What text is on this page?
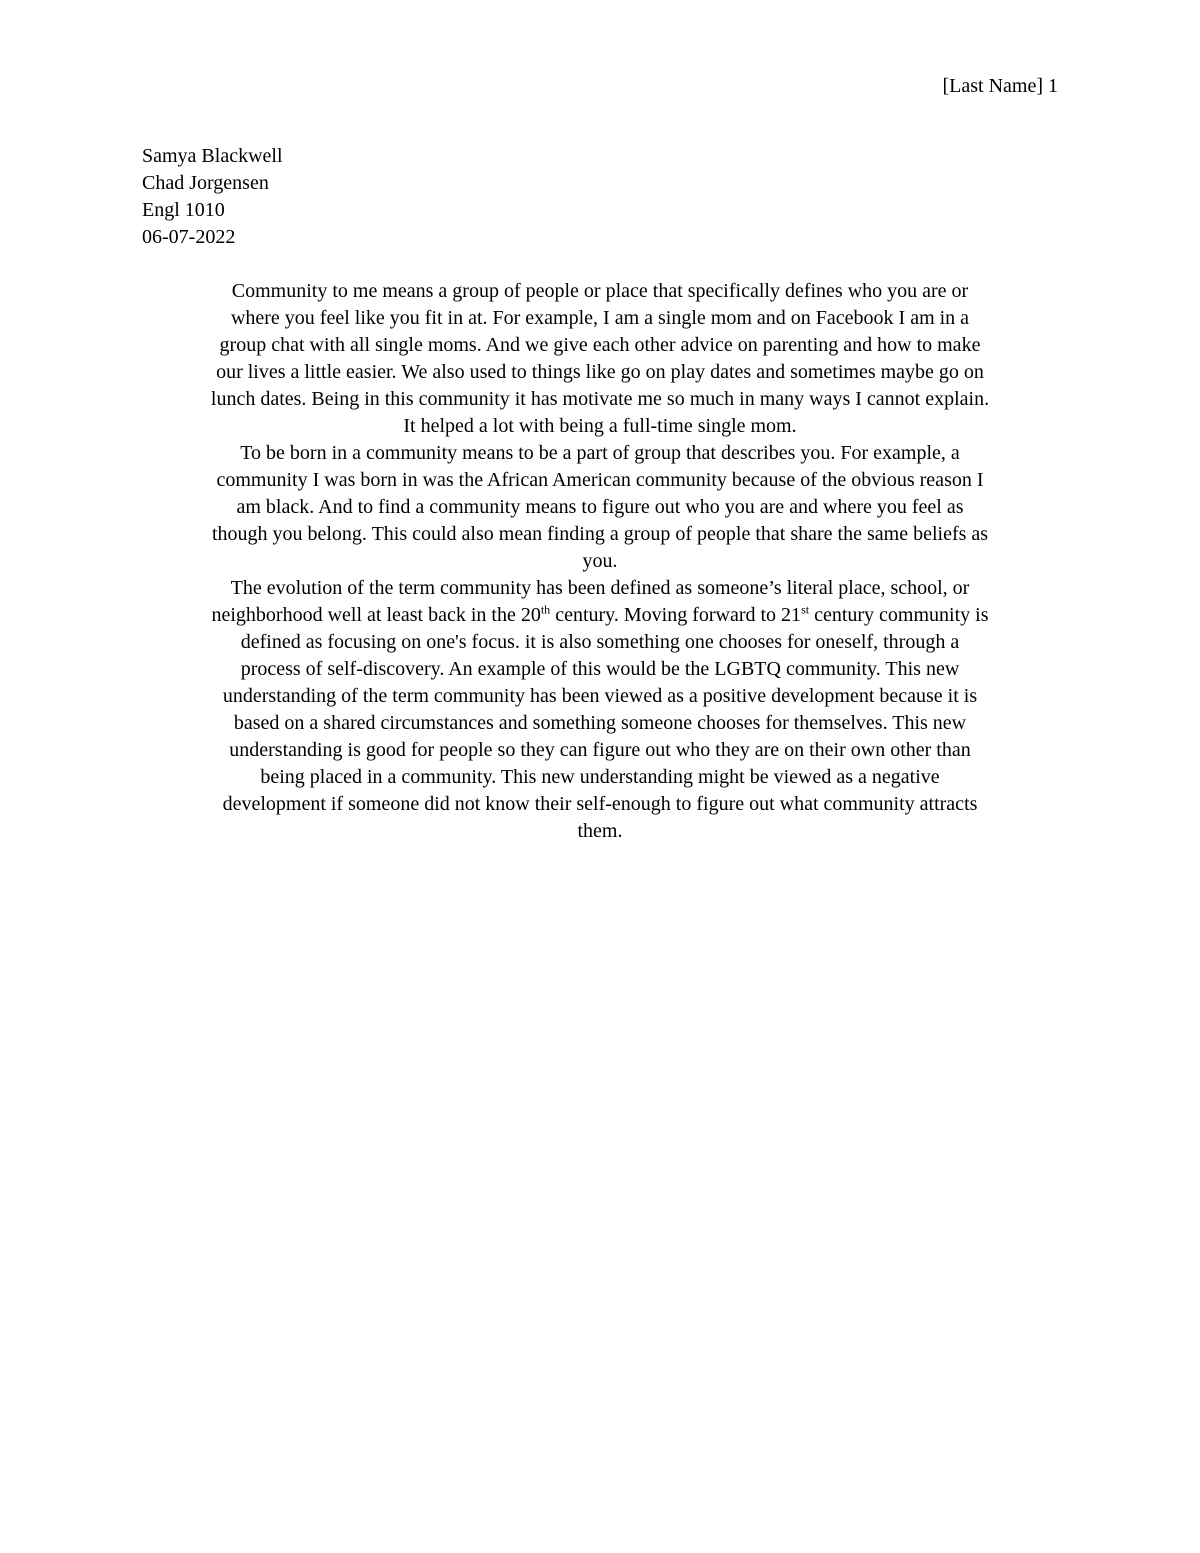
[Last Name] 1
Samya Blackwell
Chad Jorgensen
Engl 1010
06-07-2022

Community to me means a group of people or place that specifically defines who you are or
where you feel like you fit in at. For example, I am a single mom and on Facebook I am in a
group chat with all single moms. And we give each other advice on parenting and how to make
our lives a little easier. We also used to things like go on play dates and sometimes maybe go on
lunch dates. Being in this community it has motivate me so much in many ways I cannot explain.
It helped a lot with being a full-time single mom.

To be born in a community means to be a part of group that describes you. For example, a
community I was born in was the African American community because of the obvious reason I
am black. And to find a community means to figure out who you are and where you feel as
though you belong. This could also mean finding a group of people that share the same beliefs as
you.

The evolution of the term community has been defined as someone’s literal place, school, or
neighborhood well at least back in the 20th century. Moving forward to 21st century community is
defined as focusing on one's focus. it is also something one chooses for oneself, through a
process of self-discovery. An example of this would be the LGBTQ community. This new
understanding of the term community has been viewed as a positive development because it is
based on a shared circumstances and something someone chooses for themselves. This new
understanding is good for people so they can figure out who they are on their own other than
being placed in a community. This new understanding might be viewed as a negative
development if someone did not know their self-enough to figure out what community attracts
them.
